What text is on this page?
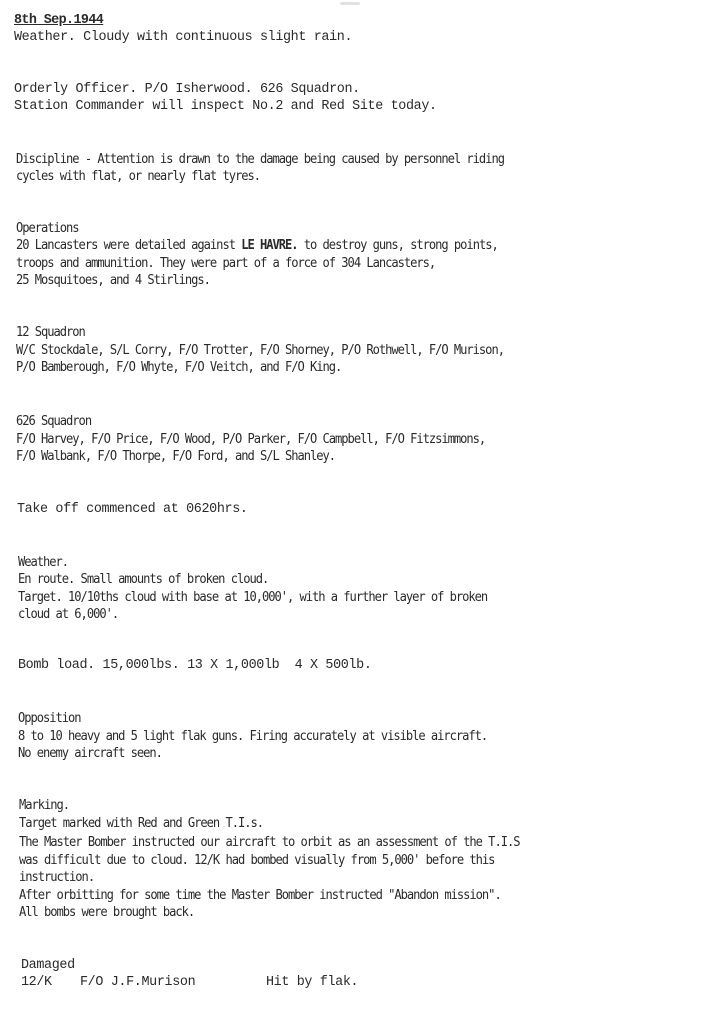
8th Sep.1944
Weather. Cloudy with continuous slight rain.
Orderly Officer. P/O Isherwood. 626 Squadron.
Station Commander will inspect No.2 and Red Site today.
Discipline - Attention is drawn to the damage being caused by personnel riding
cycles with flat, or nearly flat tyres.
Operations
20 Lancasters were detailed against LE HAVRE. to destroy guns, strong points,
troops and ammunition. They were part of a force of 304 Lancasters,
25 Mosquitoes, and 4 Stirlings.
12 Squadron
W/C Stockdale, S/L Corry, F/O Trotter, F/O Shorney, P/O Rothwell, F/O Murison,
P/O Bamberough, F/O Whyte, F/O Veitch, and F/O King.
626 Squadron
F/O Harvey, F/O Price, F/O Wood, P/O Parker, F/O Campbell, F/O Fitzsimmons,
F/O Walbank, F/O Thorpe, F/O Ford, and S/L Shanley.
Take off commenced at 0620hrs.
Weather.
En route. Small amounts of broken cloud.
Target. 10/10ths cloud with base at 10,000', with a further layer of broken
cloud at 6,000'.
Bomb load. 15,000lbs. 13 X 1,000lb  4 X 500lb.
Opposition
8 to 10 heavy and 5 light flak guns. Firing accurately at visible aircraft.
No enemy aircraft seen.
Marking.
Target marked with Red and Green T.I.s.
The Master Bomber instructed our aircraft to orbit as an assessment of the T.I.S
was difficult due to cloud. 12/K had bombed visually from 5,000' before this
instruction.
After orbitting for some time the Master Bomber instructed "Abandon mission".
All bombs were brought back.
Damaged
12/K F/O J.F.Murison	Hit by flak.
